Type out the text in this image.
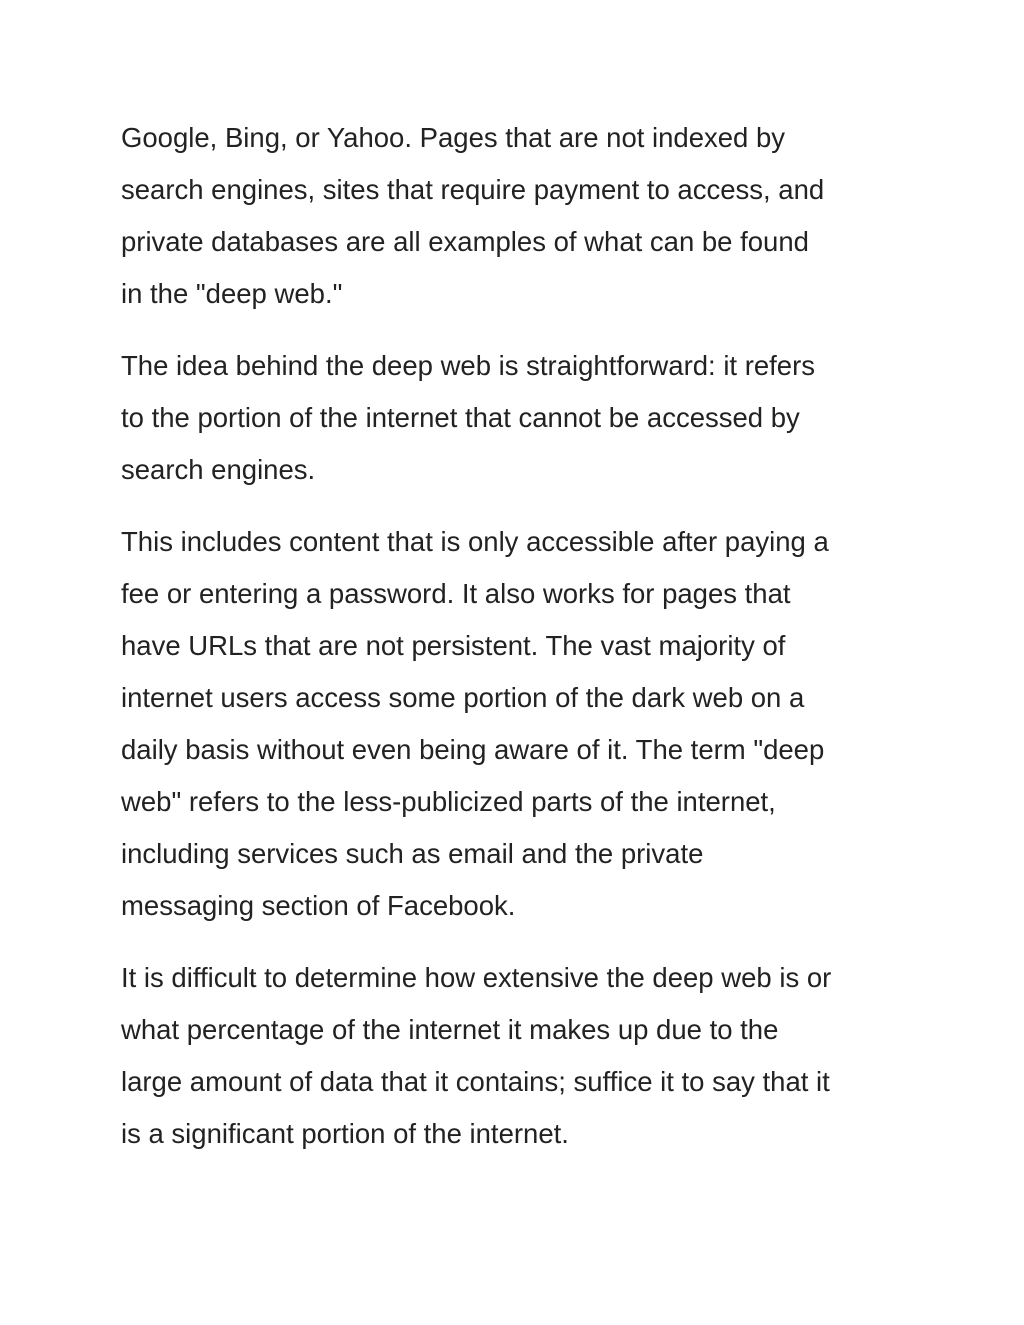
Google, Bing, or Yahoo. Pages that are not indexed by
search engines, sites that require payment to access, and
private databases are all examples of what can be found
in the "deep web."

The idea behind the deep web is straightforward: it refers
to the portion of the internet that cannot be accessed by
search engines.

This includes content that is only accessible after paying a
fee or entering a password. It also works for pages that
have URLs that are not persistent. The vast majority of
internet users access some portion of the dark web on a
daily basis without even being aware of it. The term "deep
web" refers to the less-publicized parts of the internet,
including services such as email and the private
messaging section of Facebook.

It is difficult to determine how extensive the deep web is or
what percentage of the internet it makes up due to the
large amount of data that it contains; suffice it to say that it
is a significant portion of the internet.
